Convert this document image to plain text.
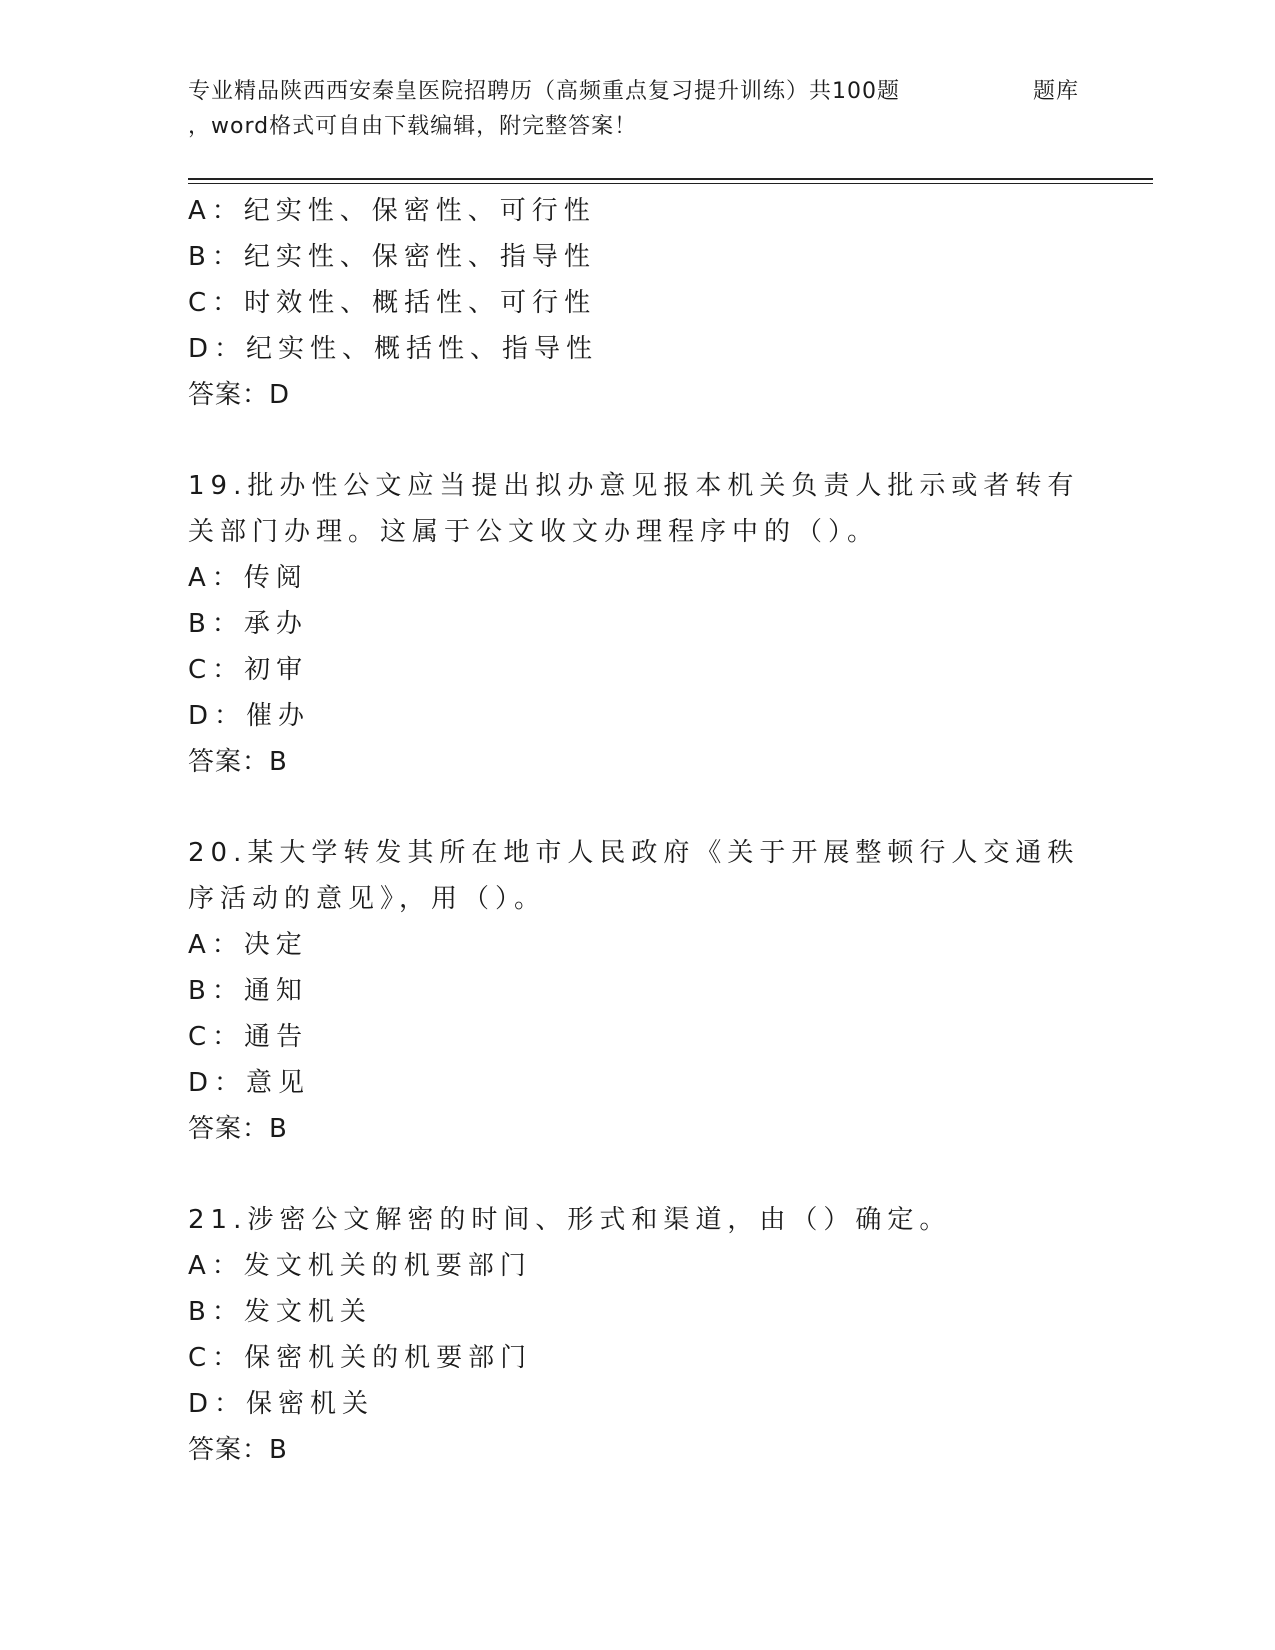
专业精品陕西西安秦皇医院招聘历（高频重点复习提升训练）共100题	题库
，word格式可自由下载编辑，附完整答案！
A：纪实性、保密性、可行性
B：纪实性、保密性、指导性
C：时效性、概括性、可行性
D：纪实性、概括性、指导性
答案：D
19.批办性公文应当提出拟办意见报本机关负责人批示或者转有关部门办理。这属于公文收文办理程序中的（）。
A：传阅
B：承办
C：初审
D：催办
答案：B
20.某大学转发其所在地市人民政府《关于开展整顿行人交通秩序活动的意见》，用（）。
A：决定
B：通知
C：通告
D：意见
答案：B
21.涉密公文解密的时间、形式和渠道，由（）确定。
A：发文机关的机要部门
B：发文机关
C：保密机关的机要部门
D：保密机关
答案：B
